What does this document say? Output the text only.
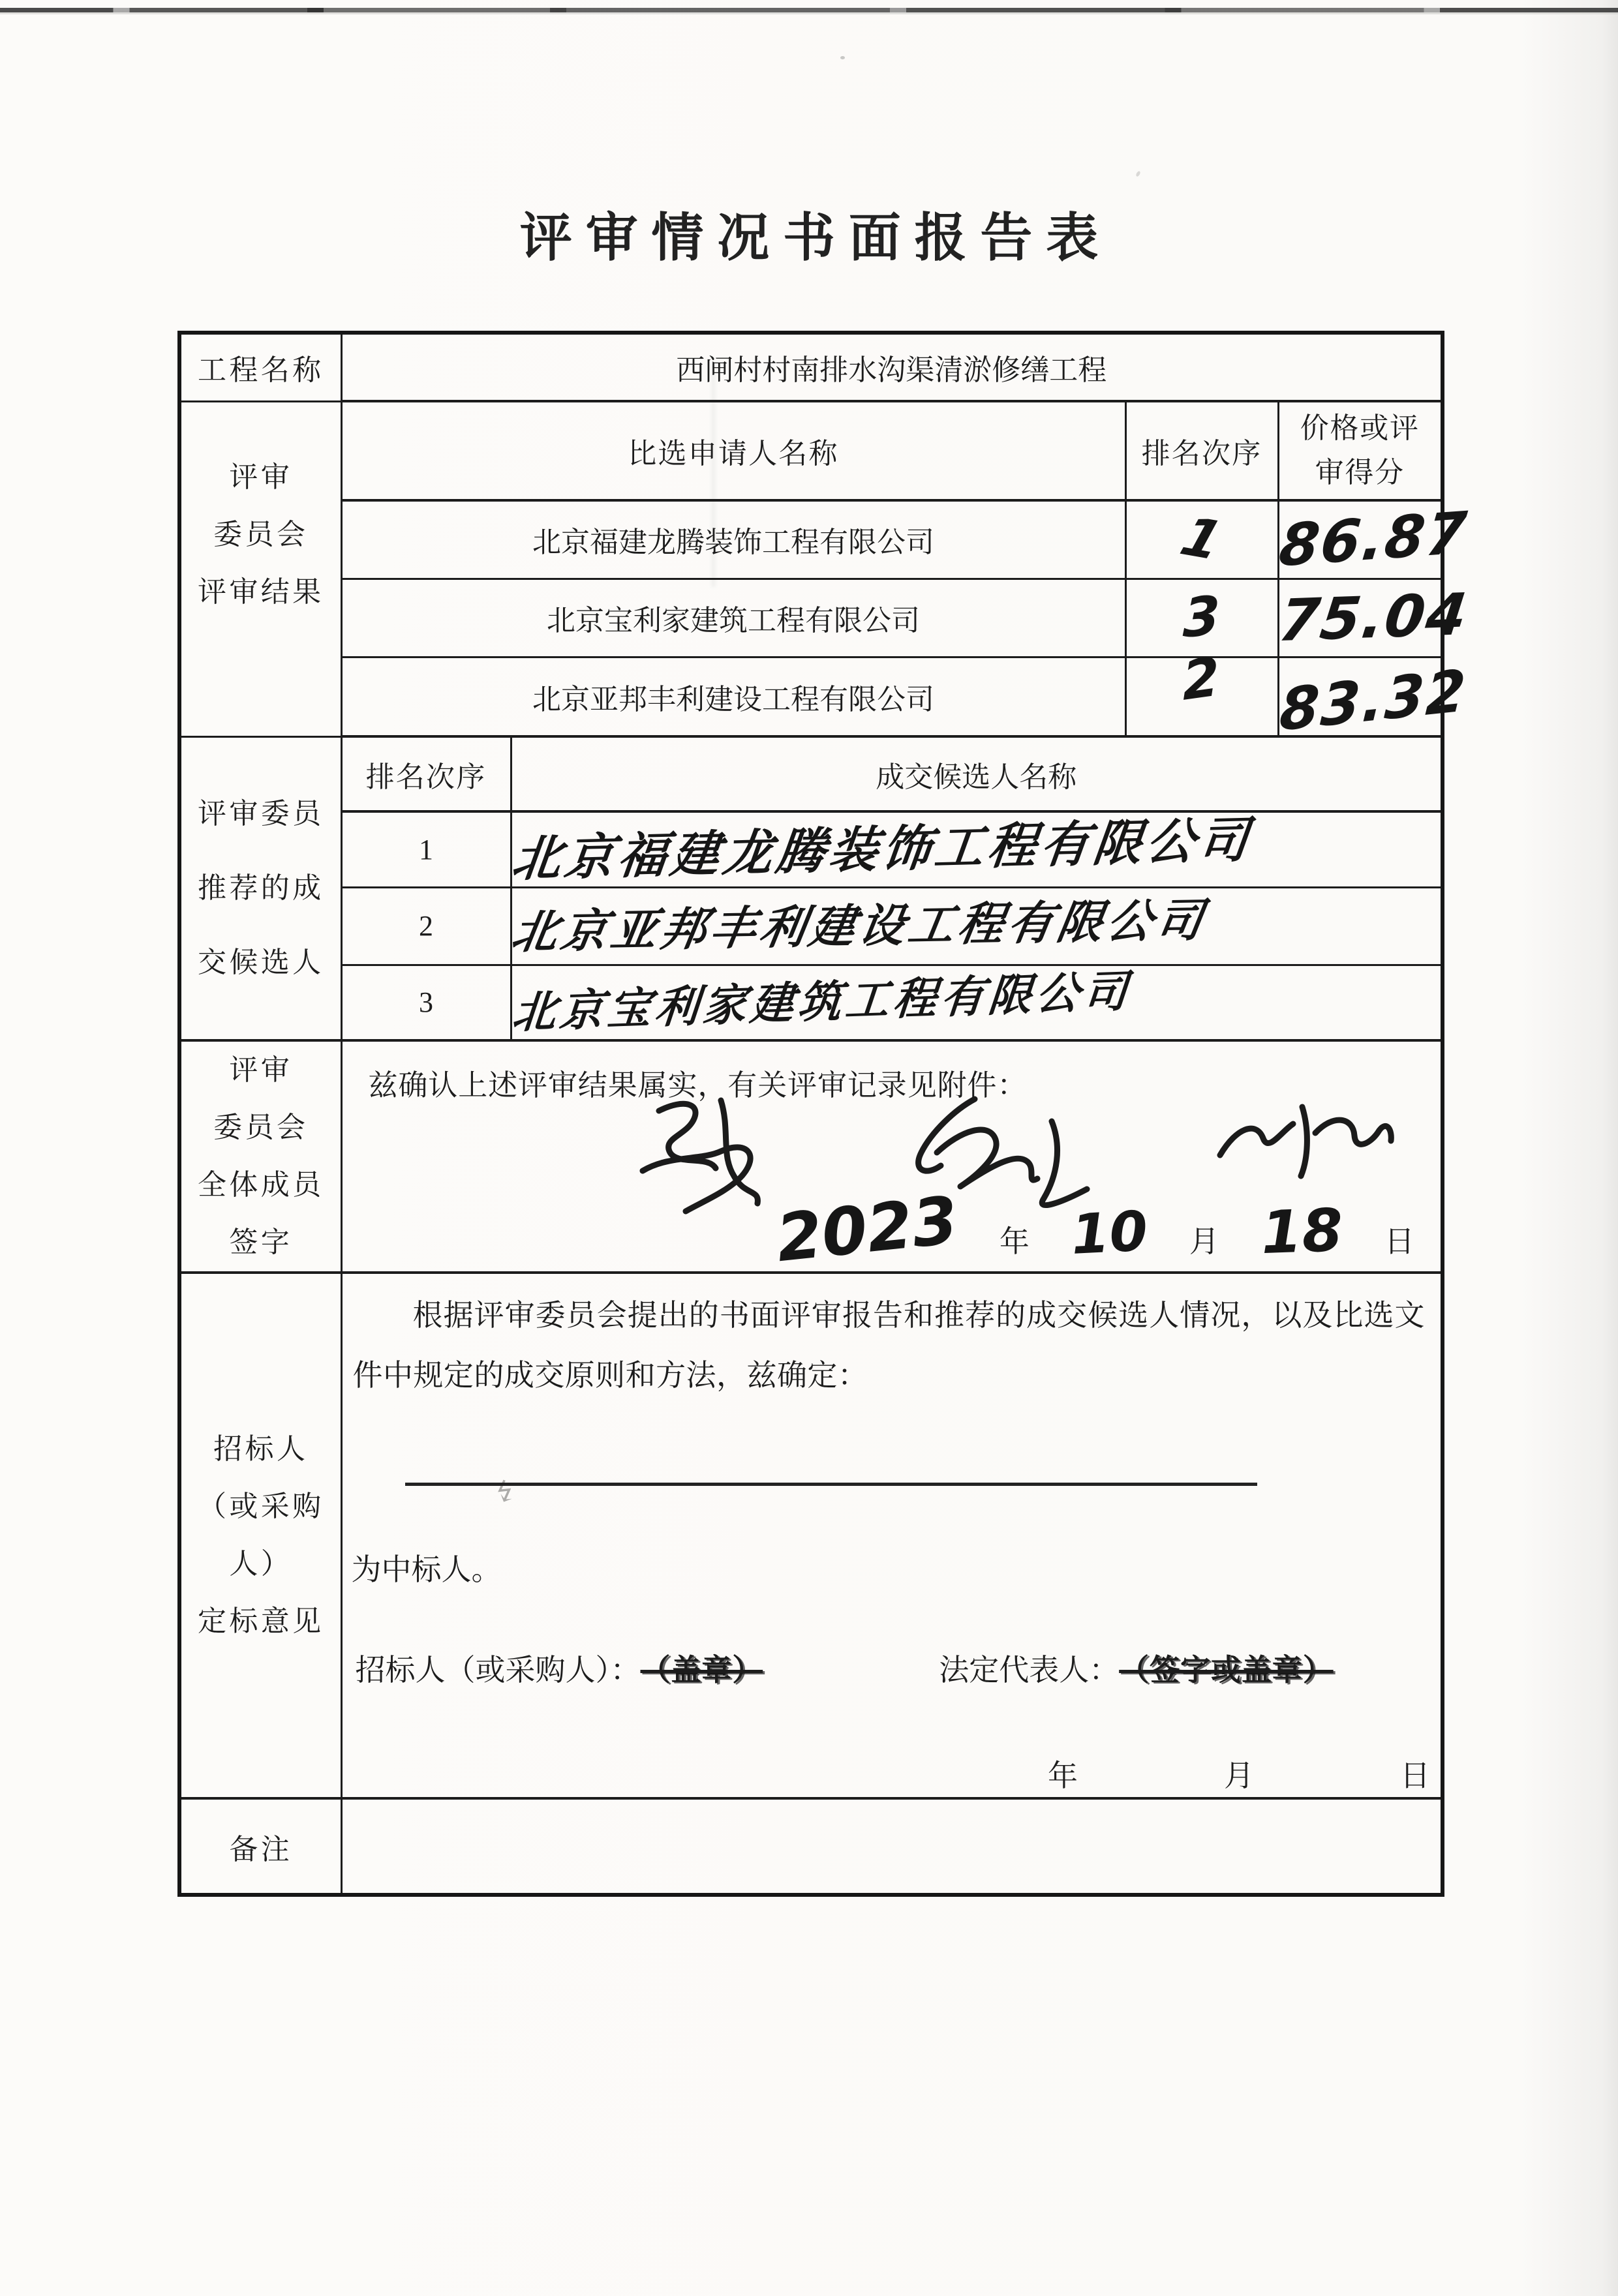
↯
评审情况书面报告表
工程名称	西闸村村南排水沟渠清淤修缮工程			

评审
委员会
评审结果	比选申请人名称		排名次序	价格或评
审得分

	北京福建龙腾装饰工程有限公司		1	86.87
	北京宝利家建筑工程有限公司		3	75.04
	北京亚邦丰利建设工程有限公司		2	83.32

评审委员
推荐的成
交候选人	排名次序	成交候选人名称		
	1	北京福建龙腾装饰工程有限公司		
	2	北京亚邦丰利建设工程有限公司		
	3	北京宝利家建筑工程有限公司		

评审
委员会
全体成员
签字

兹确认上述评审结果属实，有关评审记录见附件：
2023 年 10 月 18 日

招标人
（或采购
人）
定标意见

根据评审委员会提出的书面评审报告和推荐的成交候选人情况，以及比选文件中规定的成交原则和方法，兹确定：
为中标人。
招标人（或采购人）： （盖章）	法定代表人： （签字或盖章）
年	月	日

备注				
